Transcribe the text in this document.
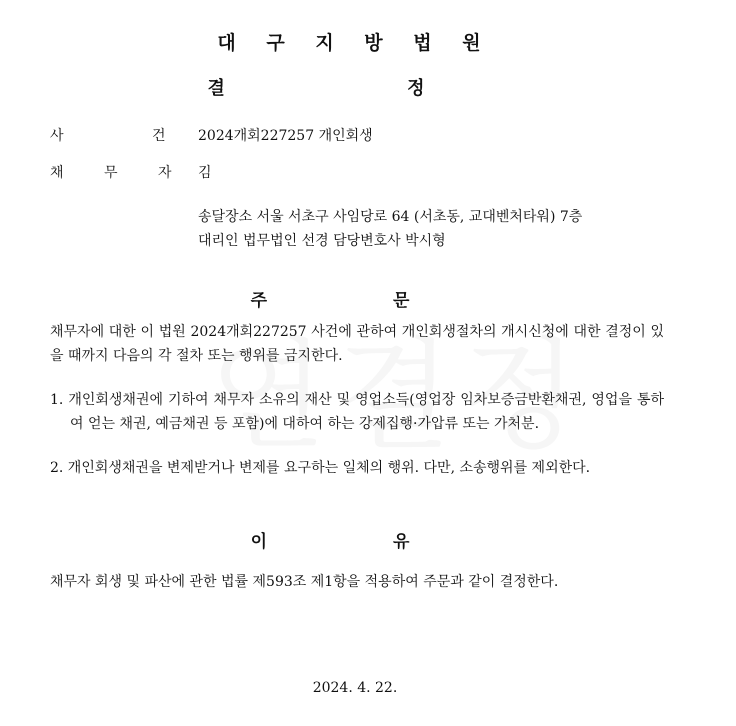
대 구 지 방 법 원
결 정
사 건
2024개회227257 개인회생
채 무 자 김
송달장소 서울 서초구 사임당로 64 (서초동, 교대벤처타워) 7층
대리인 법무법인 선경 담당변호사 박시형
주 문
채무자에 대한 이 법원 2024개회227257 사건에 관하여 개인회생절차의 개시신청에 대한 결정이 있을 때까지 다음의 각 절차 또는 행위를 금지한다.
1. 개인회생채권에 기하여 채무자 소유의 재산 및 영업소득(영업장 임차보증금반환채권, 영업을 통하여 얻는 채권, 예금채권 등 포함)에 대하여 하는 강제집행·가압류 또는 가처분.
2. 개인회생채권을 변제받거나 변제를 요구하는 일체의 행위. 다만, 소송행위를 제외한다.
이 유
채무자 회생 및 파산에 관한 법률 제593조 제1항을 적용하여 주문과 같이 결정한다.
2024. 4. 22.
